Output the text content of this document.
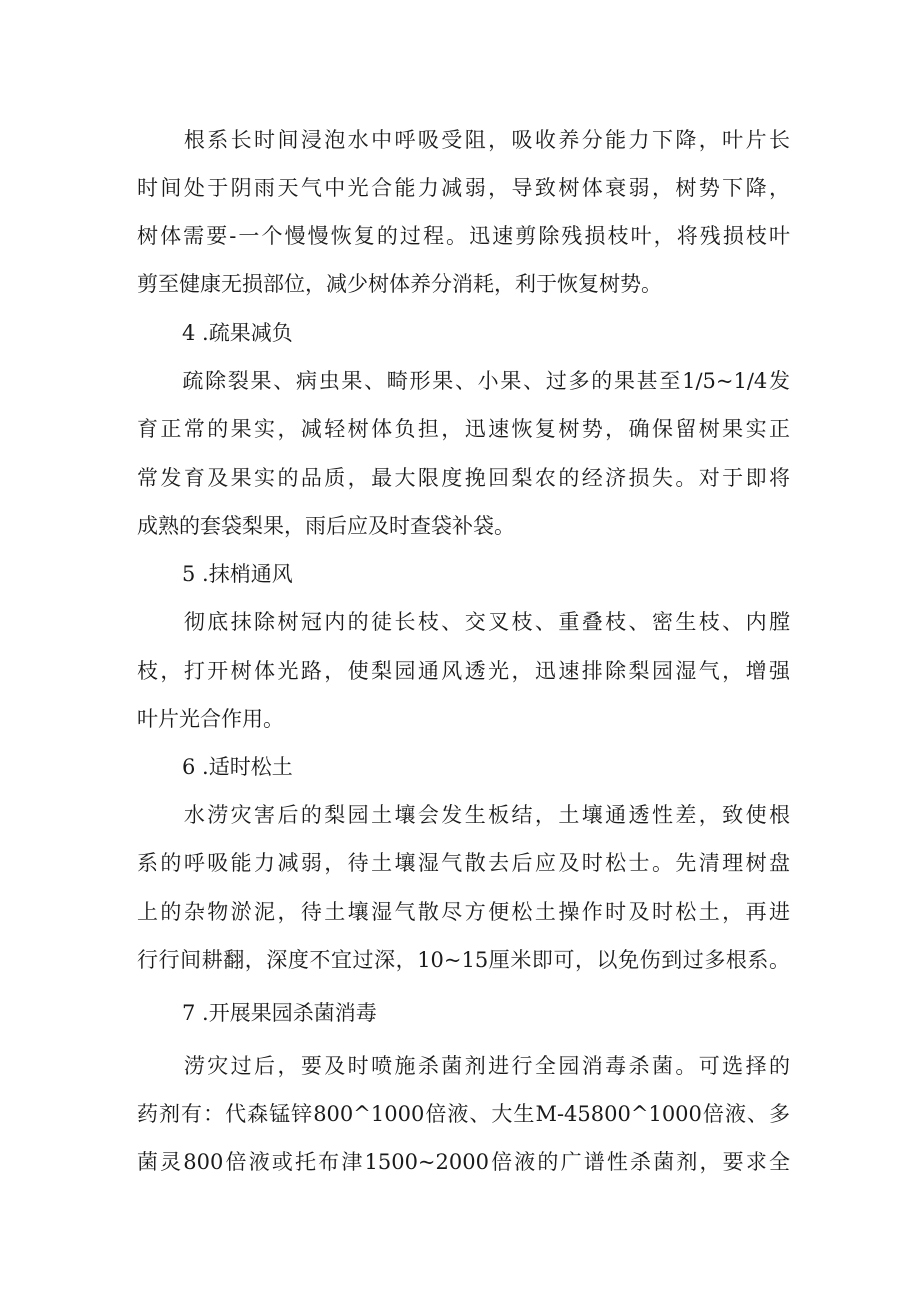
　　根系长时间浸泡水中呼吸受阻，吸收养分能力下降，叶片长
时间处于阴雨天气中光合能力减弱，导致树体衰弱，树势下降，
树体需要-一个慢慢恢复的过程。迅速剪除残损枝叶，将残损枝叶
剪至健康无损部位，减少树体养分消耗，利于恢复树势。
4 .疏果减负
　　疏除裂果、病虫果、畸形果、小果、过多的果甚至1∕5~1∕4发
育正常的果实，减轻树体负担，迅速恢复树势，确保留树果实正
常发育及果实的品质，最大限度挽回梨农的经济损失。对于即将
成熟的套袋梨果，雨后应及时查袋补袋。
5 .抹梢通风
　　彻底抹除树冠内的徒长枝、交叉枝、重叠枝、密生枝、内膛
枝，打开树体光路，使梨园通风透光，迅速排除梨园湿气，增强
叶片光合作用。
6 .适时松土
　　水涝灾害后的梨园土壤会发生板结，土壤通透性差，致使根
系的呼吸能力减弱，待土壤湿气散去后应及时松士。先清理树盘
上的杂物淤泥，待土壤湿气散尽方便松土操作时及时松土，再进
行行间耕翻，深度不宜过深，10~15厘米即可，以免伤到过多根系。
7 .开展果园杀菌消毒
　　涝灾过后，要及时喷施杀菌剂进行全园消毒杀菌。可选择的
药剂有：代森锰锌800^1000倍液、大生M-45800^1000倍液、多
菌灵800倍液或托布津1500~2000倍液的广谱性杀菌剂，要求全
